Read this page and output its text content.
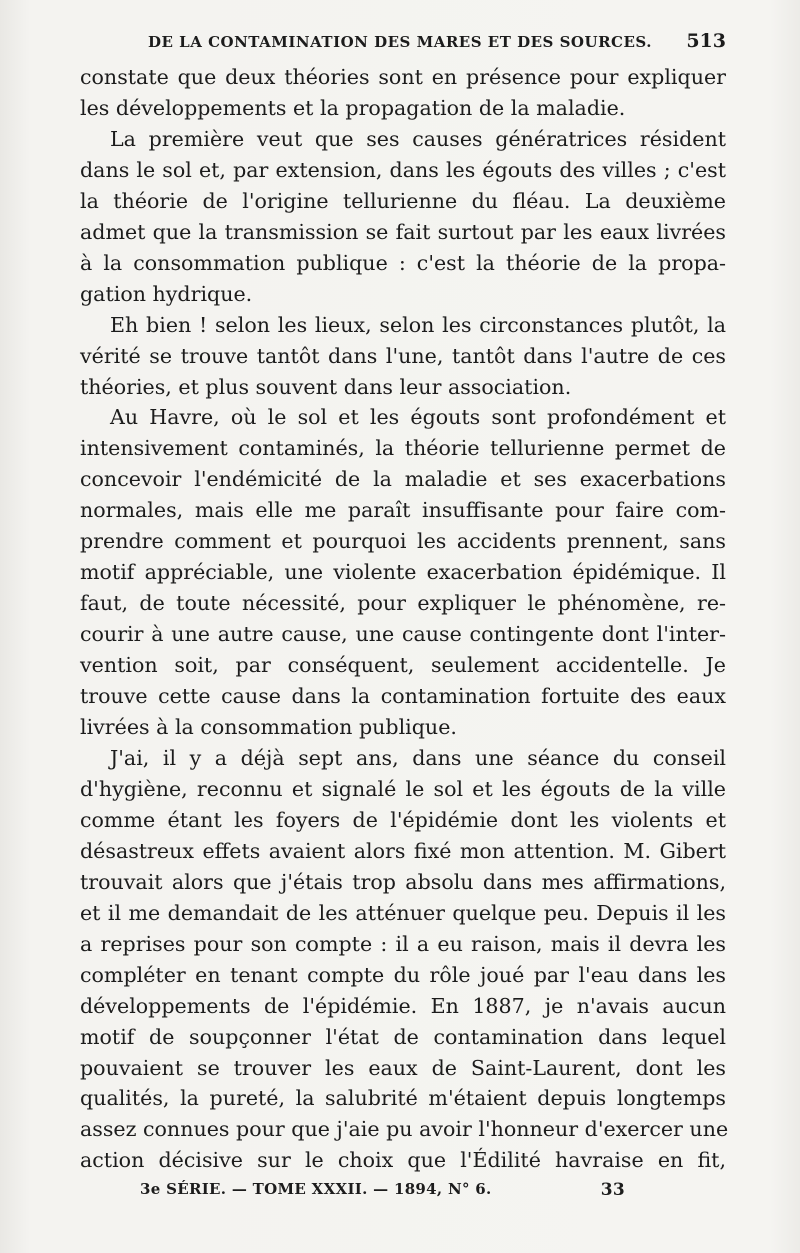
DE LA CONTAMINATION DES MARES ET DES SOURCES. 513
constate que deux théories sont en présence pour expliquer
les développements et la propagation de la maladie.
La première veut que ses causes génératrices résident
dans le sol et, par extension, dans les égouts des villes ; c'est
la théorie de l'origine tellurienne du fléau. La deuxième
admet que la transmission se fait surtout par les eaux livrées
à la consommation publique : c'est la théorie de la propa-
gation hydrique.
Eh bien ! selon les lieux, selon les circonstances plutôt, la
vérité se trouve tantôt dans l'une, tantôt dans l'autre de ces
théories, et plus souvent dans leur association.
Au Havre, où le sol et les égouts sont profondément et
intensivement contaminés, la théorie tellurienne permet de
concevoir l'endémicité de la maladie et ses exacerbations
normales, mais elle me paraît insuffisante pour faire com-
prendre comment et pourquoi les accidents prennent, sans
motif appréciable, une violente exacerbation épidémique. Il
faut, de toute nécessité, pour expliquer le phénomène, re-
courir à une autre cause, une cause contingente dont l'inter-
vention soit, par conséquent, seulement accidentelle. Je
trouve cette cause dans la contamination fortuite des eaux
livrées à la consommation publique.
J'ai, il y a déjà sept ans, dans une séance du conseil
d'hygiène, reconnu et signalé le sol et les égouts de la ville
comme étant les foyers de l'épidémie dont les violents et
désastreux effets avaient alors fixé mon attention. M. Gibert
trouvait alors que j'étais trop absolu dans mes affirmations,
et il me demandait de les atténuer quelque peu. Depuis il les
a reprises pour son compte : il a eu raison, mais il devra les
compléter en tenant compte du rôle joué par l'eau dans les
développements de l'épidémie. En 1887, je n'avais aucun
motif de soupçonner l'état de contamination dans lequel
pouvaient se trouver les eaux de Saint-Laurent, dont les
qualités, la pureté, la salubrité m'étaient depuis longtemps
assez connues pour que j'aie pu avoir l'honneur d'exercer une
action décisive sur le choix que l'Édilité havraise en fit,
3e SÉRIE. — TOME XXXII. — 1894, N° 6.	33
